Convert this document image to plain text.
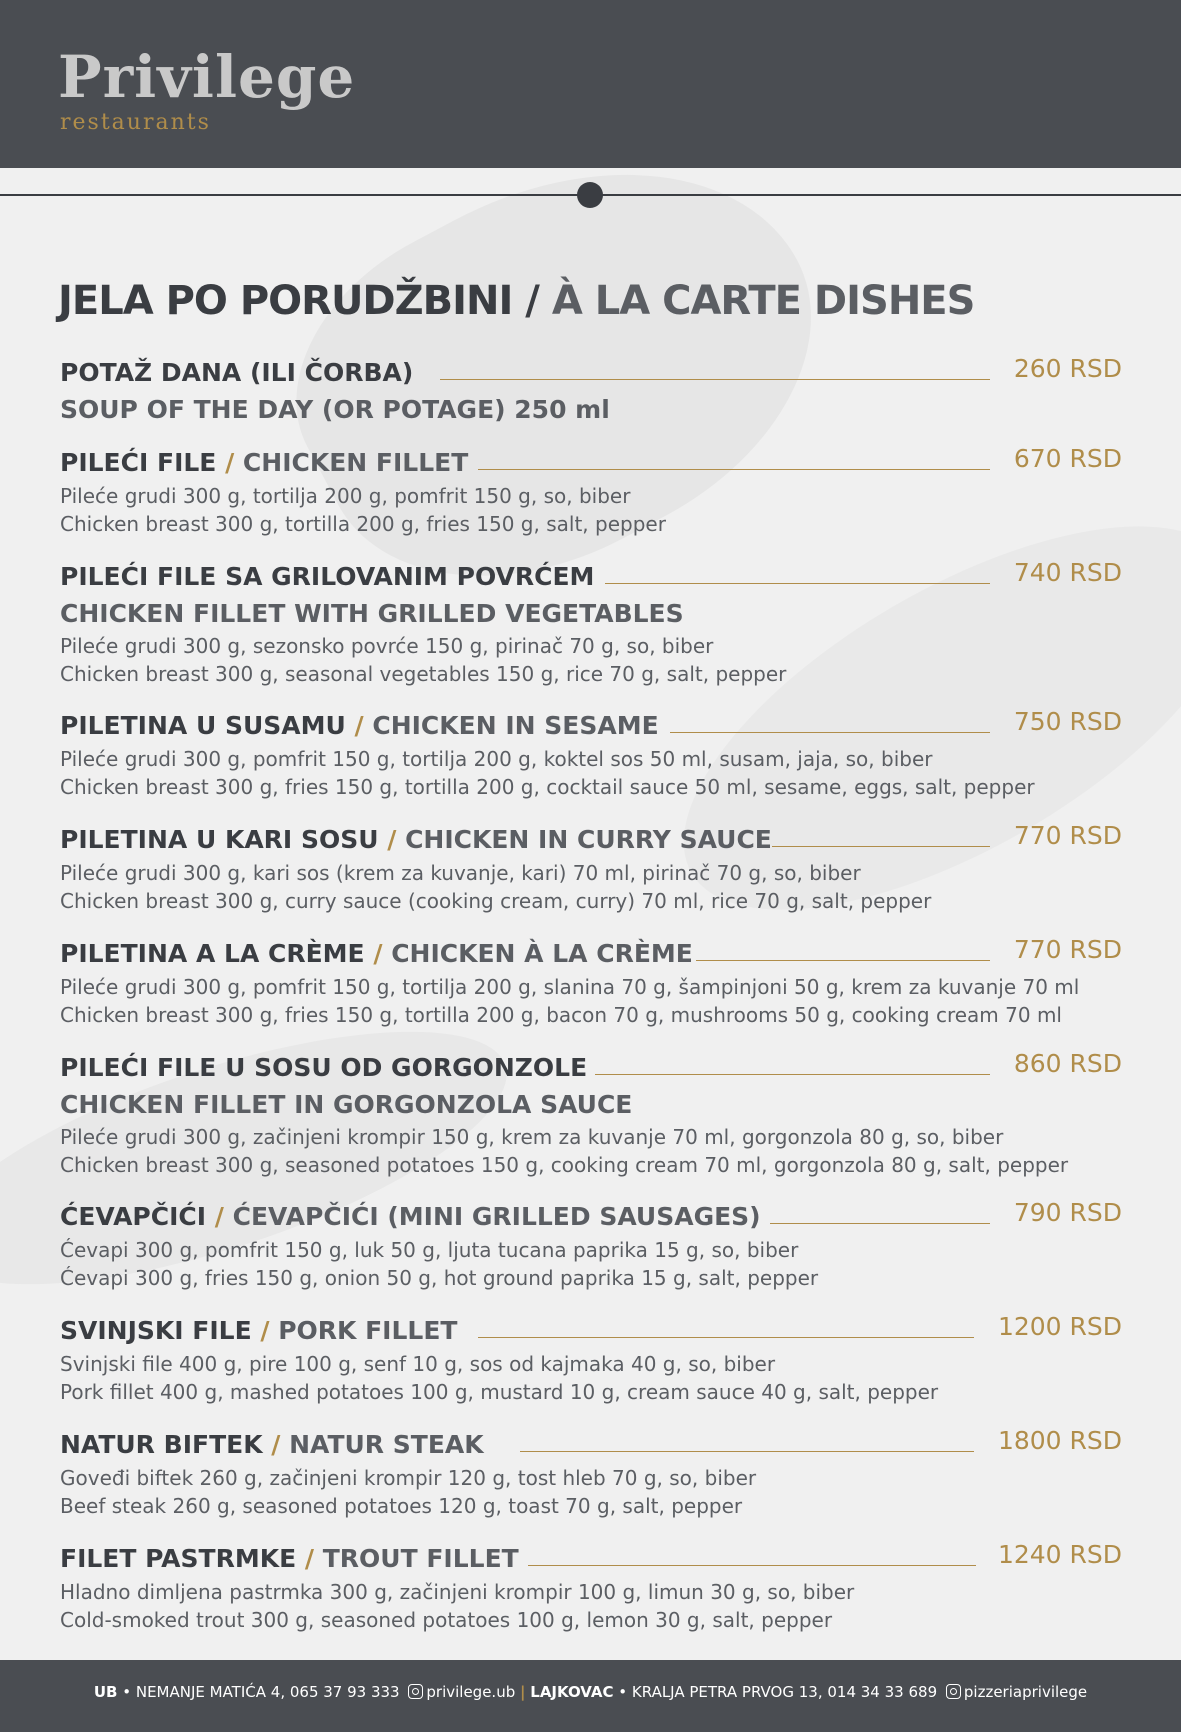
Privilege
restaurants
JELA PO PORUDŽBINI / À LA CARTE DISHES
POTAŽ DANA (ILI ČORBA)	260 RSD
SOUP OF THE DAY (OR POTAGE) 250 ml
PILEĆI FILE / CHICKEN FILLET	670 RSD
Pileće grudi 300 g, tortilja 200 g, pomfrit 150 g, so, biber
Chicken breast 300 g, tortilla 200 g, fries 150 g, salt, pepper
PILEĆI FILE SA GRILOVANIM POVRĆEM	740 RSD
CHICKEN FILLET WITH GRILLED VEGETABLES
Pileće grudi 300 g, sezonsko povrće 150 g, pirinač 70 g, so, biber
Chicken breast 300 g, seasonal vegetables 150 g, rice 70 g, salt, pepper
PILETINA U SUSAMU / CHICKEN IN SESAME	750 RSD
Pileće grudi 300 g, pomfrit 150 g, tortilja 200 g, koktel sos 50 ml, susam, jaja, so, biber
Chicken breast 300 g, fries 150 g, tortilla 200 g, cocktail sauce 50 ml, sesame, eggs, salt, pepper
PILETINA U KARI SOSU / CHICKEN IN CURRY SAUCE	770 RSD
Pileće grudi 300 g, kari sos (krem za kuvanje, kari) 70 ml, pirinač 70 g, so, biber
Chicken breast 300 g, curry sauce (cooking cream, curry) 70 ml, rice 70 g, salt, pepper
PILETINA A LA CRÈME / CHICKEN À LA CRÈME	770 RSD
Pileće grudi 300 g, pomfrit 150 g, tortilja 200 g, slanina 70 g, šampinjoni 50 g, krem za kuvanje 70 ml
Chicken breast 300 g, fries 150 g, tortilla 200 g, bacon 70 g, mushrooms 50 g, cooking cream 70 ml
PILEĆI FILE U SOSU OD GORGONZOLE	860 RSD
CHICKEN FILLET IN GORGONZOLA SAUCE
Pileće grudi 300 g, začinjeni krompir 150 g, krem za kuvanje 70 ml, gorgonzola 80 g, so, biber
Chicken breast 300 g, seasoned potatoes 150 g, cooking cream 70 ml, gorgonzola 80 g, salt, pepper
ĆEVAPČIĆI / ĆEVAPČIĆI (MINI GRILLED SAUSAGES)	790 RSD
Ćevapi 300 g, pomfrit 150 g, luk 50 g, ljuta tucana paprika 15 g, so, biber
Ćevapi 300 g, fries 150 g, onion 50 g, hot ground paprika 15 g, salt, pepper
SVINJSKI FILE / PORK FILLET	1200 RSD
Svinjski file 400 g, pire 100 g, senf 10 g, sos od kajmaka 40 g, so, biber
Pork fillet 400 g, mashed potatoes 100 g, mustard 10 g, cream sauce 40 g, salt, pepper
NATUR BIFTEK / NATUR STEAK	1800 RSD
Goveđi biftek 260 g, začinjeni krompir 120 g, tost hleb 70 g, so, biber
Beef steak 260 g, seasoned potatoes 120 g, toast 70 g, salt, pepper
FILET PASTRMKE / TROUT FILLET	1240 RSD
Hladno dimljena pastrmka 300 g, začinjeni krompir 100 g, limun 30 g, so, biber
Cold-smoked trout 300 g, seasoned potatoes 100 g, lemon 30 g, salt, pepper
UB • NEMANJE MATIĆA 4, 065 37 93 333 privilege.ub | LAJKOVAC • KRALJA PETRA PRVOG 13, 014 34 33 689 pizzeriaprivilege
